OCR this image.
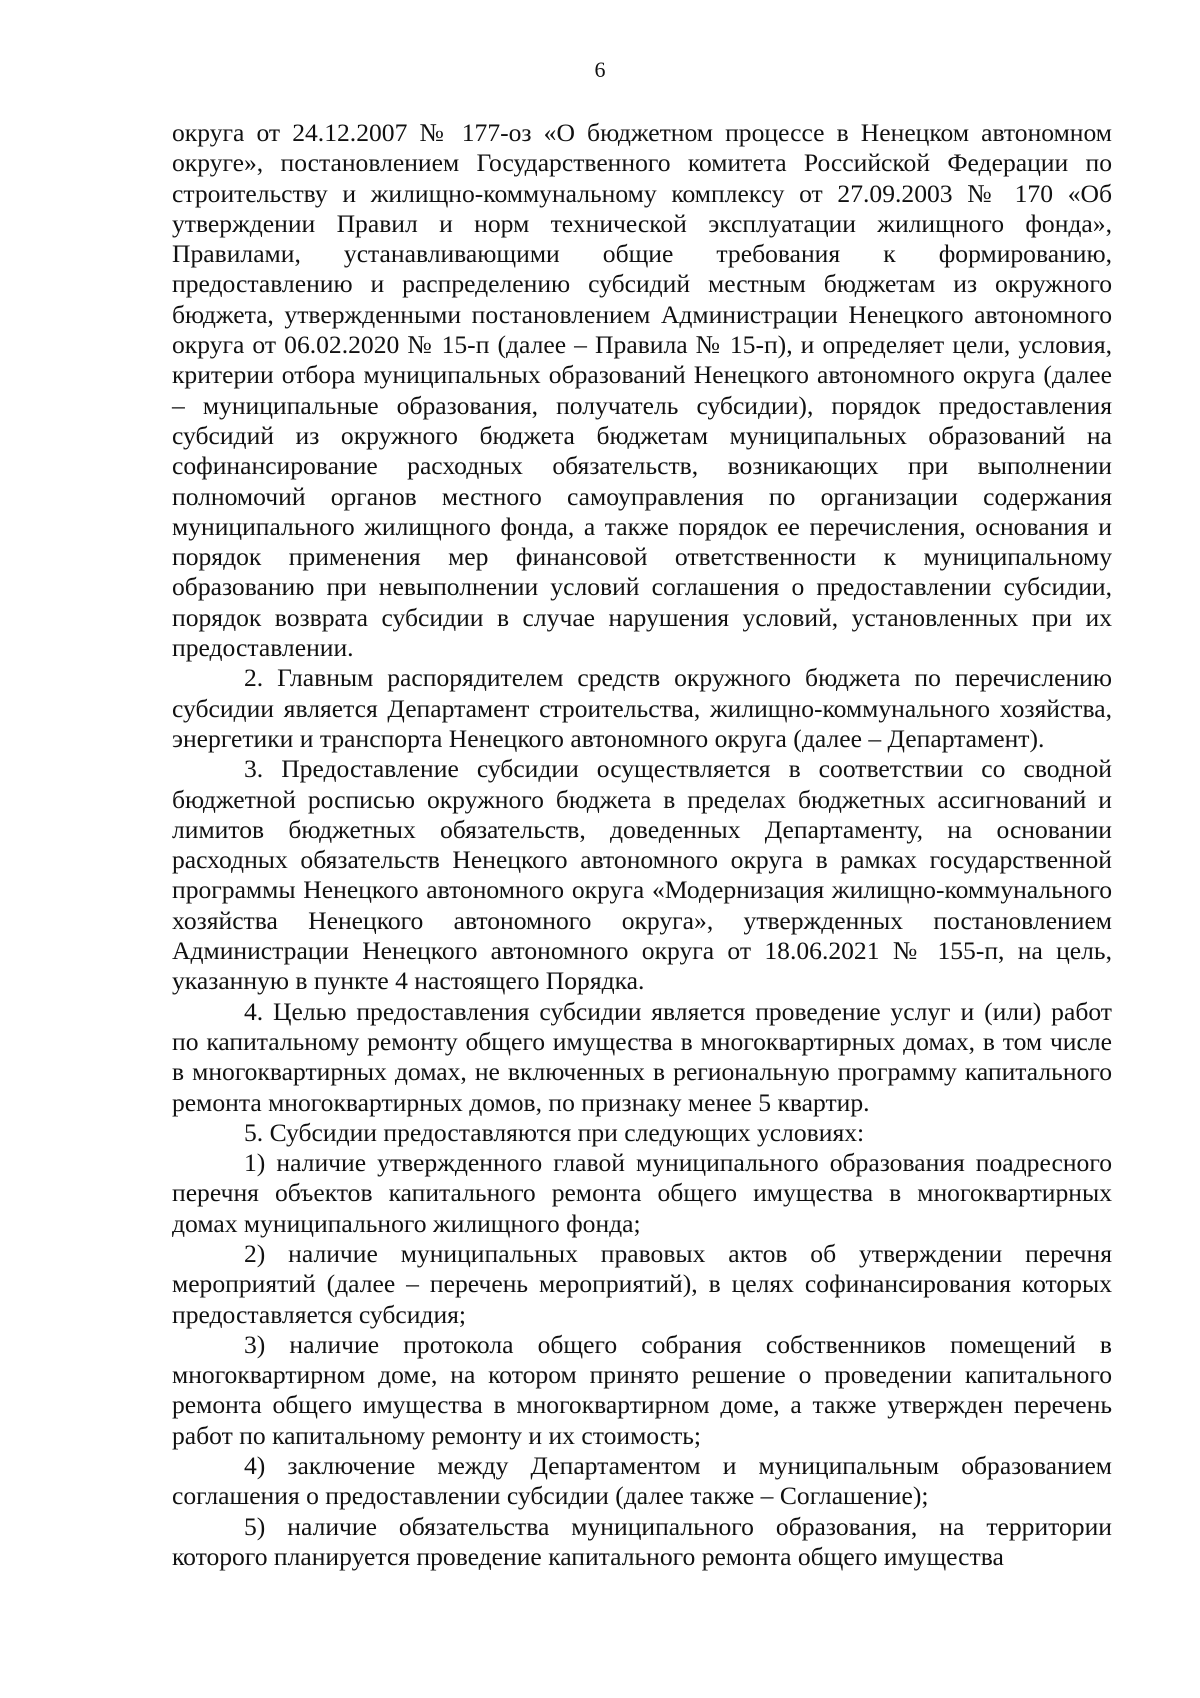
6

округа от 24.12.2007 № 177-оз «О бюджетном процессе в Ненецком автономном округе», постановлением Государственного комитета Российской Федерации по строительству и жилищно-коммунальному комплексу от 27.09.2003 № 170 «Об утверждении Правил и норм технической эксплуатации жилищного фонда», Правилами, устанавливающими общие требования к формированию, предоставлению и распределению субсидий местным бюджетам из окружного бюджета, утвержденными постановлением Администрации Ненецкого автономного округа от 06.02.2020 № 15-п (далее – Правила № 15-п), и определяет цели, условия, критерии отбора муниципальных образований Ненецкого автономного округа (далее – муниципальные образования, получатель субсидии), порядок предоставления субсидий из окружного бюджета бюджетам муниципальных образований на софинансирование расходных обязательств, возникающих при выполнении полномочий органов местного самоуправления по организации содержания муниципального жилищного фонда, а также порядок ее перечисления, основания и порядок применения мер финансовой ответственности к муниципальному образованию при невыполнении условий соглашения о предоставлении субсидии, порядок возврата субсидии в случае нарушения условий, установленных при их предоставлении.

2. Главным распорядителем средств окружного бюджета по перечислению субсидии является Департамент строительства, жилищно-коммунального хозяйства, энергетики и транспорта Ненецкого автономного округа (далее – Департамент).

3. Предоставление субсидии осуществляется в соответствии со сводной бюджетной росписью окружного бюджета в пределах бюджетных ассигнований и лимитов бюджетных обязательств, доведенных Департаменту, на основании расходных обязательств Ненецкого автономного округа в рамках государственной программы Ненецкого автономного округа «Модернизация жилищно-коммунального хозяйства Ненецкого автономного округа», утвержденных постановлением Администрации Ненецкого автономного округа от 18.06.2021 № 155-п, на цель, указанную в пункте 4 настоящего Порядка.

4. Целью предоставления субсидии является проведение услуг и (или) работ по капитальному ремонту общего имущества в многоквартирных домах, в том числе в многоквартирных домах, не включенных в региональную программу капитального ремонта многоквартирных домов, по признаку менее 5 квартир.

5. Субсидии предоставляются при следующих условиях:

1) наличие утвержденного главой муниципального образования поадресного перечня объектов капитального ремонта общего имущества в многоквартирных домах муниципального жилищного фонда;

2) наличие муниципальных правовых актов об утверждении перечня мероприятий (далее – перечень мероприятий), в целях софинансирования которых предоставляется субсидия;

3) наличие протокола общего собрания собственников помещений в многоквартирном доме, на котором принято решение о проведении капитального ремонта общего имущества в многоквартирном доме, а также утвержден перечень работ по капитальному ремонту и их стоимость;

4) заключение между Департаментом и муниципальным образованием соглашения о предоставлении субсидии (далее также – Соглашение);

5) наличие обязательства муниципального образования, на территории которого планируется проведение капитального ремонта общего имущества
